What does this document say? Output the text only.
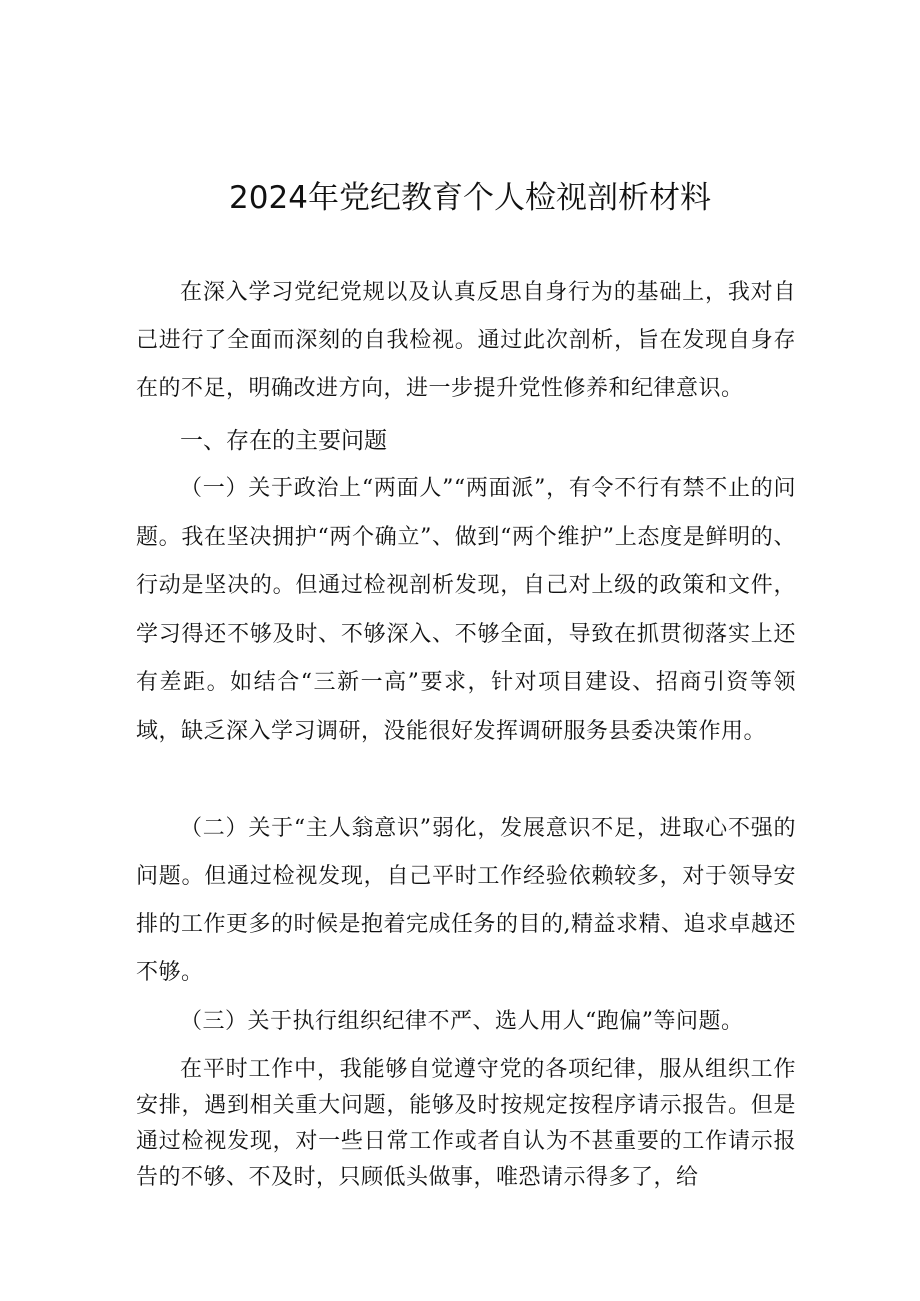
2024年党纪教育个人检视剖析材料

在深入学习党纪党规以及认真反思自身行为的基础上，我对自己进行了全面而深刻的自我检视。通过此次剖析，旨在发现自身存在的不足，明确改进方向，进一步提升党性修养和纪律意识。

一、存在的主要问题

（一）关于政治上“两面人”“两面派”，有令不行有禁不止的问题。我在坚决拥护“两个确立”、做到“两个维护”上态度是鲜明的、行动是坚决的。但通过检视剖析发现，自己对上级的政策和文件，学习得还不够及时、不够深入、不够全面，导致在抓贯彻落实上还有差距。如结合“三新一高”要求，针对项目建设、招商引资等领域，缺乏深入学习调研，没能很好发挥调研服务县委决策作用。

（二）关于“主人翁意识”弱化，发展意识不足，进取心不强的问题。但通过检视发现，自己平时工作经验依赖较多，对于领导安排的工作更多的时候是抱着完成任务的目的,精益求精、追求卓越还不够。

（三）关于执行组织纪律不严、选人用人“跑偏”等问题。

在平时工作中，我能够自觉遵守党的各项纪律，服从组织工作安排，遇到相关重大问题，能够及时按规定按程序请示报告。但是通过检视发现，对一些日常工作或者自认为不甚重要的工作请示报告的不够、不及时，只顾低头做事，唯恐请示得多了，给
